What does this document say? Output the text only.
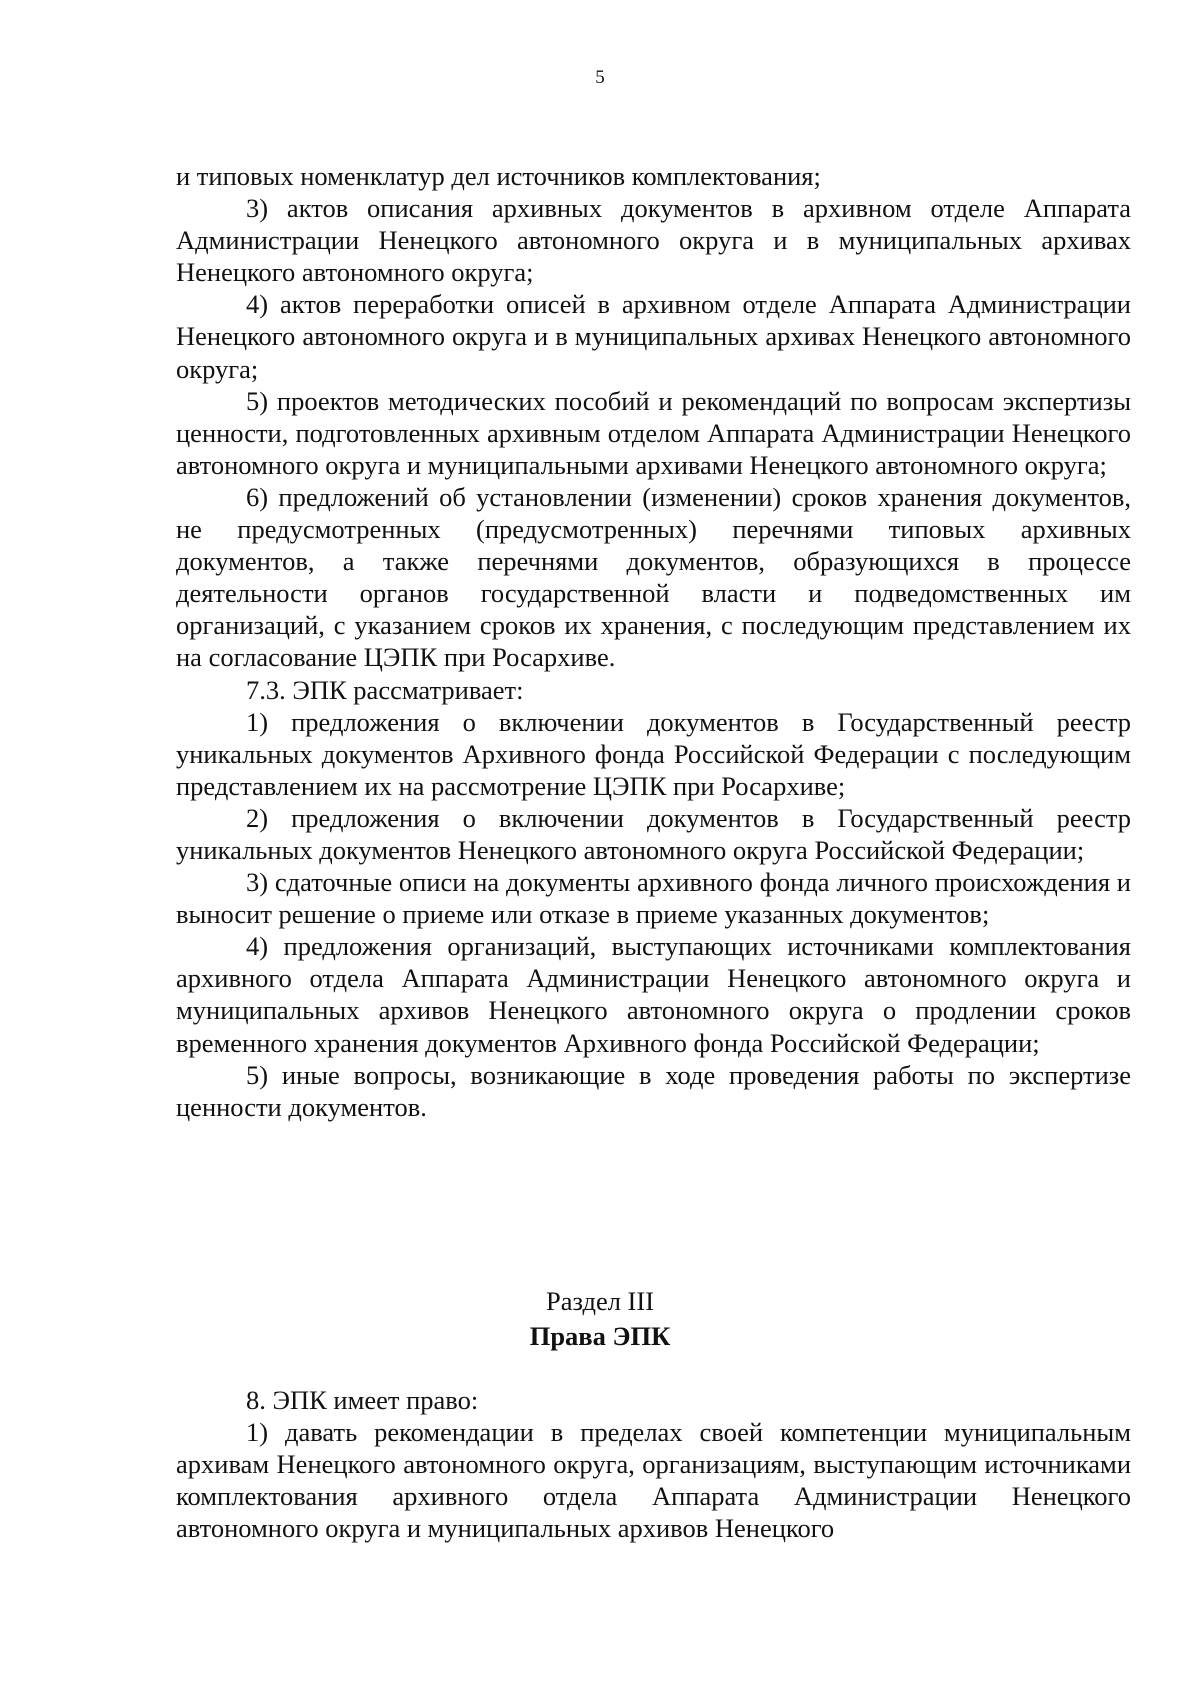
5

и типовых номенклатур дел источников комплектования;

3) актов описания архивных документов в архивном отделе Аппарата Администрации Ненецкого автономного округа и в муниципальных архивах Ненецкого автономного округа;

4) актов переработки описей в архивном отделе Аппарата Администрации Ненецкого автономного округа и в муниципальных архивах Ненецкого автономного округа;

5) проектов методических пособий и рекомендаций по вопросам экспертизы ценности, подготовленных архивным отделом Аппарата Администрации Ненецкого автономного округа и муниципальными архивами Ненецкого автономного округа;

6) предложений об установлении (изменении) сроков хранения документов, не предусмотренных (предусмотренных) перечнями типовых архивных документов, а также перечнями документов, образующихся в процессе деятельности органов государственной власти и подведомственных им организаций, с указанием сроков их хранения, с последующим представлением их на согласование ЦЭПК при Росархиве.

7.3. ЭПК рассматривает:

1) предложения о включении документов в Государственный реестр уникальных документов Архивного фонда Российской Федерации с последующим представлением их на рассмотрение ЦЭПК при Росархиве;

2) предложения о включении документов в Государственный реестр уникальных документов Ненецкого автономного округа Российской Федерации;

3) сдаточные описи на документы архивного фонда личного происхождения и выносит решение о приеме или отказе в приеме указанных документов;

4) предложения организаций, выступающих источниками комплектования архивного отдела Аппарата Администрации Ненецкого автономного округа и муниципальных архивов Ненецкого автономного округа о продлении сроков временного хранения документов Архивного фонда Российской Федерации;

5) иные вопросы, возникающие в ходе проведения работы по экспертизе ценности документов.

Раздел III
Права ЭПК

8. ЭПК имеет право:

1) давать рекомендации в пределах своей компетенции муниципальным архивам Ненецкого автономного округа, организациям, выступающим источниками комплектования архивного отдела Аппарата Администрации Ненецкого автономного округа и муниципальных архивов Ненецкого
